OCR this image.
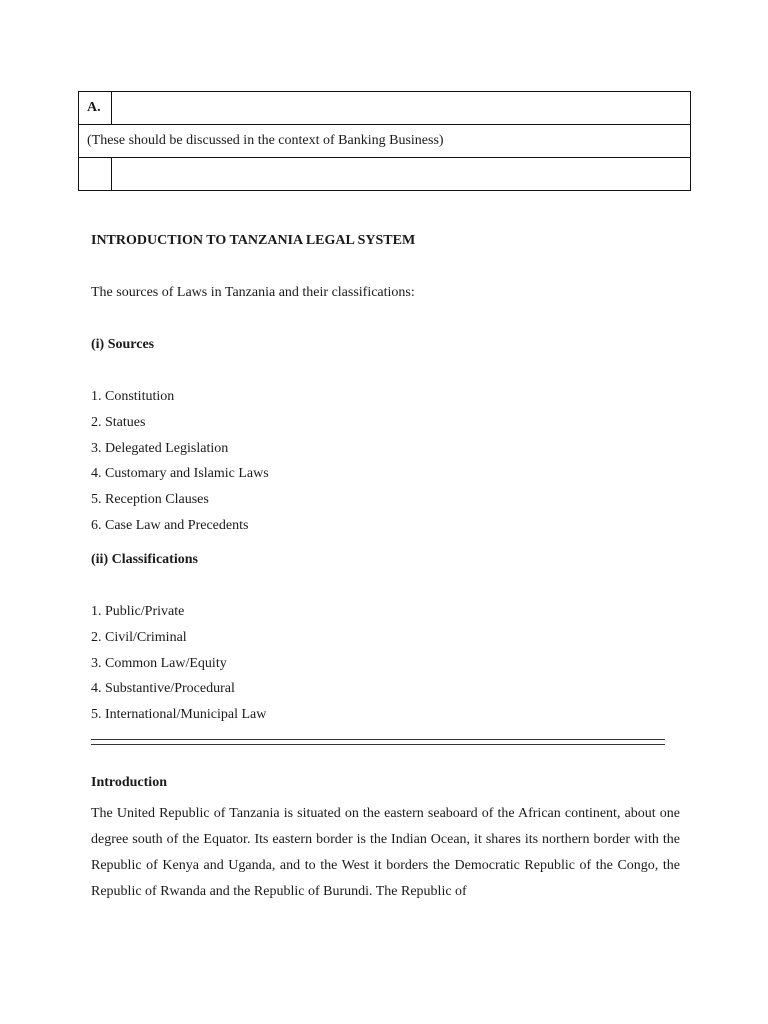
A.	
(These should be discussed in the context of Banking Business)	

INTRODUCTION TO TANZANIA LEGAL SYSTEM

The sources of Laws in Tanzania and their classifications:

(i) Sources

1. Constitution
2. Statues
3. Delegated Legislation
4. Customary and Islamic Laws
5. Reception Clauses
6. Case Law and Precedents

(ii) Classifications

1. Public/Private
2. Civil/Criminal
3. Common Law/Equity
4. Substantive/Procedural
5. International/Municipal Law

Introduction

The United Republic of Tanzania is situated on the eastern seaboard of the African continent, about one degree south of the Equator. Its eastern border is the Indian Ocean, it shares its northern border with the Republic of Kenya and Uganda, and to the West it borders the Democratic Republic of the Congo, the Republic of Rwanda and the Republic of Burundi. The Republic of
